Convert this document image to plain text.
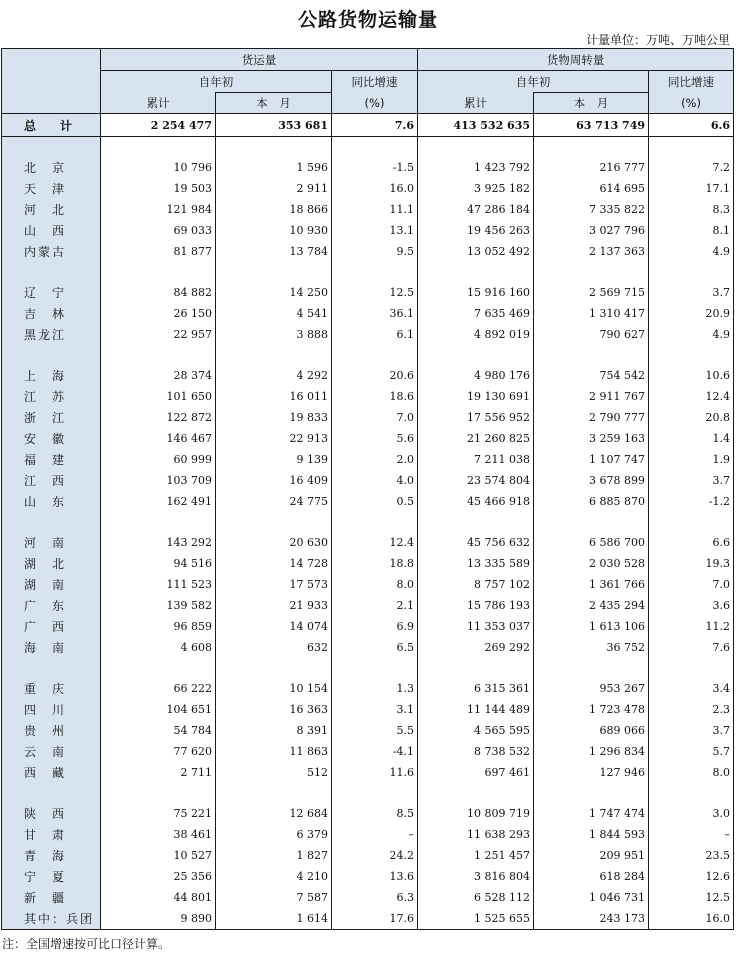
公路货物运输量
计量单位：万吨、万吨公里
	货运量			货物周转量		
	自年初		同比增速	自年初		同比增速
	累计	本　月	(%)	累计	本　月	(%)
总　计	2 254 477	353 681	7.6	413 532 635	63 713 749	6.6

北　京	10 796	1 596	-1.5	1 423 792	216 777	7.2
天　津	19 503	2 911	16.0	3 925 182	614 695	17.1
河　北	121 984	18 866	11.1	47 286 184	7 335 822	8.3
山　西	69 033	10 930	13.1	19 456 263	3 027 796	8.1
内蒙古	81 877	13 784	9.5	13 052 492	2 137 363	4.9

辽　宁	84 882	14 250	12.5	15 916 160	2 569 715	3.7
吉　林	26 150	4 541	36.1	7 635 469	1 310 417	20.9
黑龙江	22 957	3 888	6.1	4 892 019	790 627	4.9

上　海	28 374	4 292	20.6	4 980 176	754 542	10.6
江　苏	101 650	16 011	18.6	19 130 691	2 911 767	12.4
浙　江	122 872	19 833	7.0	17 556 952	2 790 777	20.8
安　徽	146 467	22 913	5.6	21 260 825	3 259 163	1.4
福　建	60 999	9 139	2.0	7 211 038	1 107 747	1.9
江　西	103 709	16 409	4.0	23 574 804	3 678 899	3.7
山　东	162 491	24 775	0.5	45 466 918	6 885 870	-1.2

河　南	143 292	20 630	12.4	45 756 632	6 586 700	6.6
湖　北	94 516	14 728	18.8	13 335 589	2 030 528	19.3
湖　南	111 523	17 573	8.0	8 757 102	1 361 766	7.0
广　东	139 582	21 933	2.1	15 786 193	2 435 294	3.6
广　西	96 859	14 074	6.9	11 353 037	1 613 106	11.2
海　南	4 608	632	6.5	269 292	36 752	7.6

重　庆	66 222	10 154	1.3	6 315 361	953 267	3.4
四　川	104 651	16 363	3.1	11 144 489	1 723 478	2.3
贵　州	54 784	8 391	5.5	4 565 595	689 066	3.7
云　南	77 620	11 863	-4.1	8 738 532	1 296 834	5.7
西　藏	2 711	512	11.6	697 461	127 946	8.0

陕　西	75 221	12 684	8.5	10 809 719	1 747 474	3.0
甘　肃	38 461	6 379	–	11 638 293	1 844 593	–
青　海	10 527	1 827	24.2	1 251 457	209 951	23.5
宁　夏	25 356	4 210	13.6	3 816 804	618 284	12.6
新　疆	44 801	7 587	6.3	6 528 112	1 046 731	12.5
其中：兵团	9 890	1 614	17.6	1 525 655	243 173	16.0
注：全国增速按可比口径计算。
